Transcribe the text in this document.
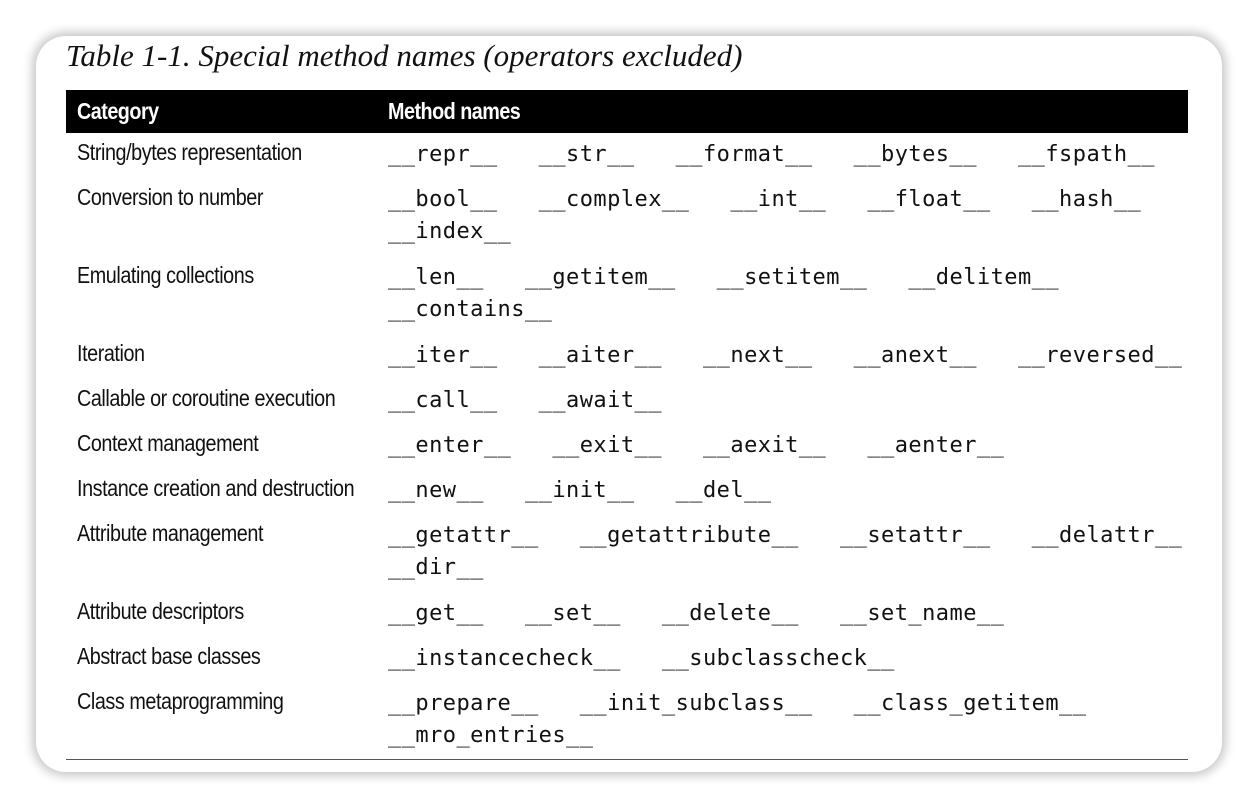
Table 1-1. Special method names (operators excluded)
Category	Method names
String/bytes representation	__repr__   __str__   __format__   __bytes__   __fspath__
Conversion to number	__bool__   __complex__   __int__   __float__   __hash__
__index__
Emulating collections	__len__   __getitem__   __setitem__   __delitem__
__contains__
Iteration	__iter__   __aiter__   __next__   __anext__   __reversed__
Callable or coroutine execution __call__   __await__
Context management	__enter__   __exit__   __aexit__   __aenter__
Instance creation and destruction __new__   __init__   __del__
Attribute management	__getattr__   __getattribute__   __setattr__   __delattr__
__dir__
Attribute descriptors	__get__   __set__   __delete__   __set_name__
Abstract base classes	__instancecheck__   __subclasscheck__
Class metaprogramming	__prepare__   __init_subclass__   __class_getitem__
__mro_entries__
